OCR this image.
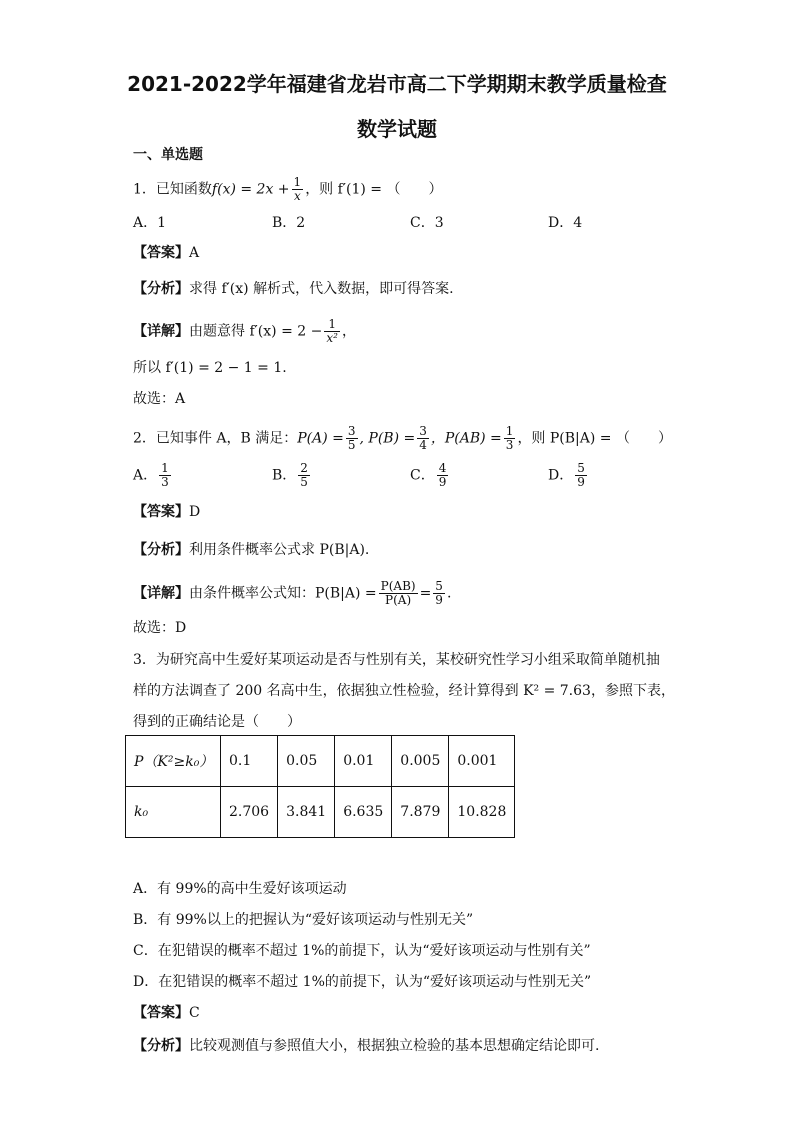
2021-2022学年福建省龙岩市高二下学期期末教学质量检查
数学试题
一、单选题
1．已知函数$f(x) = 2x + \frac{1}{x}$ ，则 f′(1) = （　　）
A．1	B．2	C．3	D．4
【答案】A
【分析】求得 f′(x) 解析式，代入数据，即可得答案.
【详解】由题意得 $f'(x) = 2 - \frac{1}{\text{x²}}$ ，
所以 f′(1) = 2 − 1 = 1.
故选：A
2．已知事件 A，B 满足：$P(A) = \frac{3}{5}$ , $P(B) = \frac{3}{4}$ ，$P(AB) = \frac{1}{3}$ ，则 P(B|A) = （　　）
A． $\frac{1}{3}$	B． $\frac{2}{5}$	C． $\frac{4}{9}$	D． $\frac{5}{9}$
【答案】D
【分析】利用条件概率公式求 P(B|A).
【详解】由条件概率公式知：$P(B|A) = \frac{P(AB)}{P(A)} = \frac{5}{9}$ .
故选：D
3．为研究高中生爱好某项运动是否与性别有关，某校研究性学习小组采取简单随机抽
样的方法调查了 200 名高中生，依据独立性检验，经计算得到 K² = 7.63，参照下表，
得到的正确结论是（　　）
P（K²≥k₀）	0.1	0.05	0.01	0.005	0.001
k₀	2.706	3.841	6.635	7.879	10.828
A．有 99%的高中生爱好该项运动
B．有 99%以上的把握认为“爱好该项运动与性别无关”
C．在犯错误的概率不超过 1%的前提下，认为“爱好该项运动与性别有关”
D．在犯错误的概率不超过 1%的前提下，认为“爱好该项运动与性别无关”
【答案】C
【分析】比较观测值与参照值大小，根据独立检验的基本思想确定结论即可.
